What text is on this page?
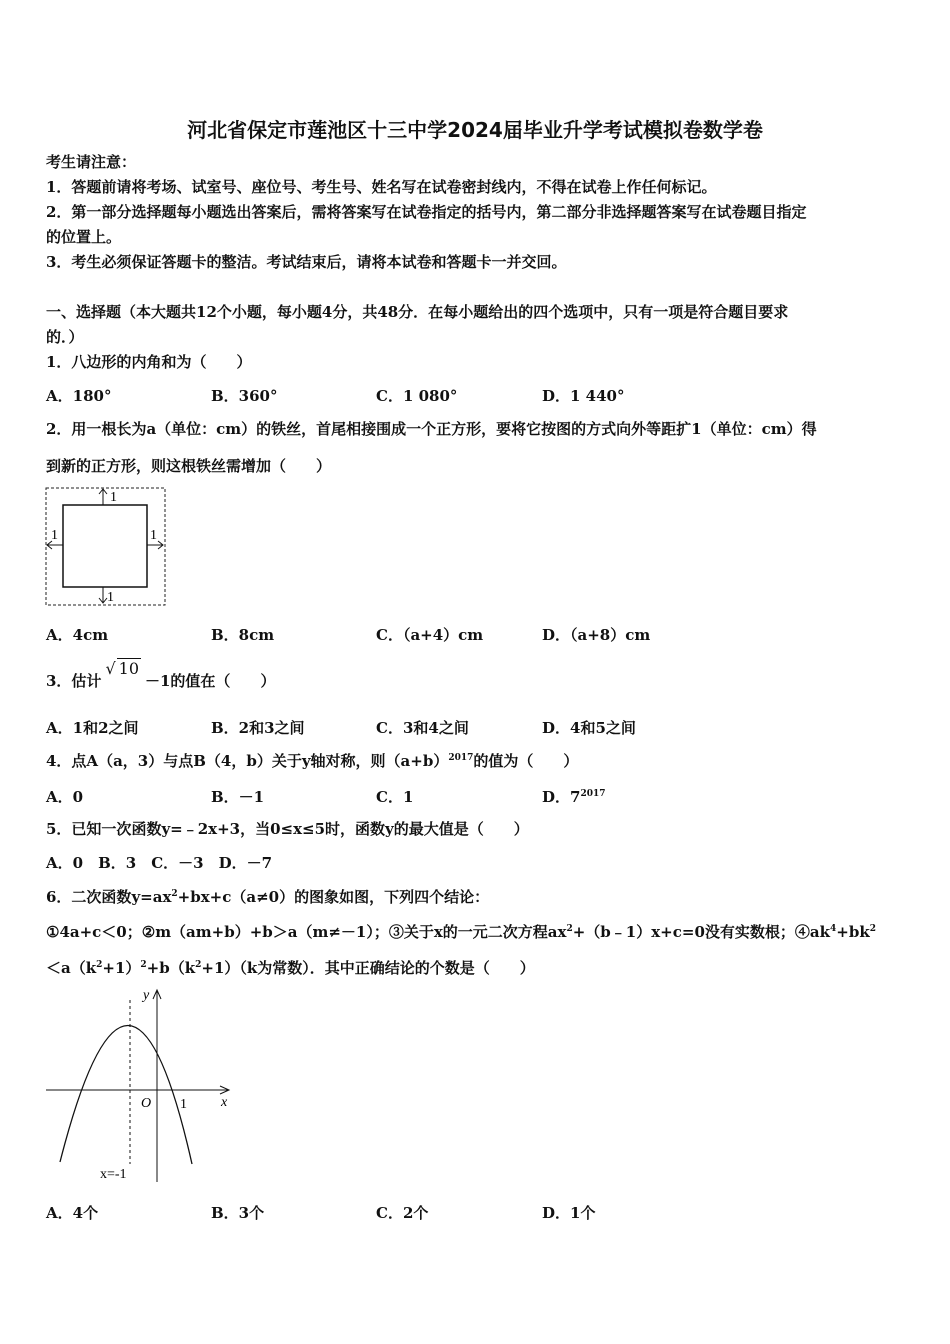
河北省保定市莲池区十三中学2024届毕业升学考试模拟卷数学卷
考生请注意：
1．答题前请将考场、试室号、座位号、考生号、姓名写在试卷密封线内，不得在试卷上作任何标记。
2．第一部分选择题每小题选出答案后，需将答案写在试卷指定的括号内，第二部分非选择题答案写在试卷题目指定
的位置上。
3．考生必须保证答题卡的整洁。考试结束后，请将本试卷和答题卡一并交回。
一、选择题（本大题共12个小题，每小题4分，共48分．在每小题给出的四个选项中，只有一项是符合题目要求
的．）
1．八边形的内角和为（　　）
A．180°	B．360°	C．1 080°	D．1 440°
2．用一根长为a（单位：cm）的铁丝，首尾相接围成一个正方形，要将它按图的方式向外等距扩1（单位：cm）得
到新的正方形，则这根铁丝需增加（　　）
1
1
1	1
A．4cm	B．8cm	C．（a+4）cm	D．（a+8）cm
3．估计√ 10－1的值在（　　）
A．1和2之间	B．2和3之间	C．3和4之间	D．4和5之间
4．点A（a，3）与点B（4，b）关于y轴对称，则$(a+b)^{2017}$的值为（　　）
A．0	B．－1	C．1	D．$7^{2017}$
5．已知一次函数y=﹣2x+3，当0≤x≤5时，函数y的最大值是（　　）
A．0　B．3　C．－3　D．－7
6．二次函数$y=ax^2+bx+c(a\ne 0)$的图象如图，下列四个结论：
①4a+c＜0；②m（am+b）+b＞a（m≠－1）；③关于x的一元二次方程$ax^2+(b﹣1)x+c=0$没有实数根；$④ak^4+bk^2$
$<a(k^2+1)^2+b(k^2+1)(k$为常数）．其中正确结论的个数是（　　）
y
x
O 1
x=-1
A．4个	B．3个	C．2个	D．1个
